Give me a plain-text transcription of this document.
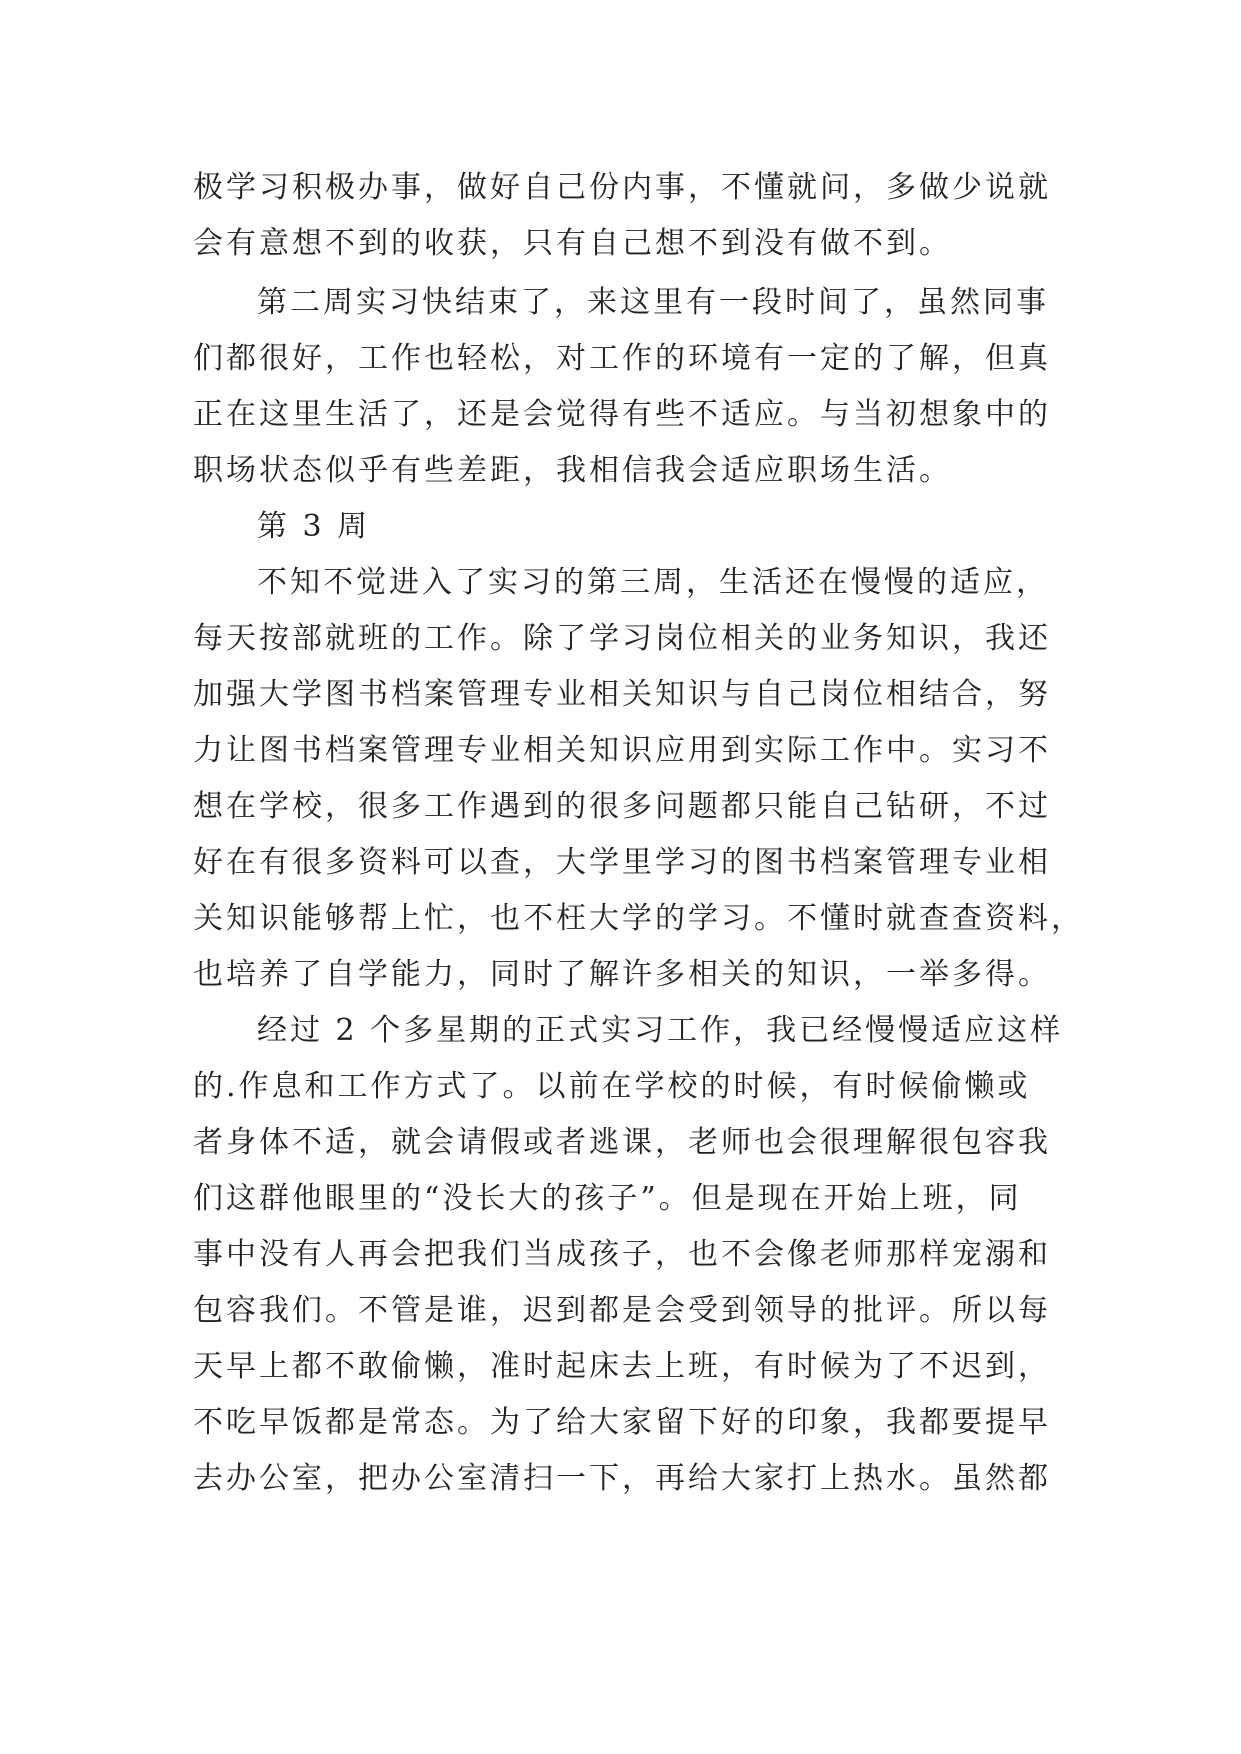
极学习积极办事，做好自己份内事，不懂就问，多做少说就
会有意想不到的收获，只有自己想不到没有做不到。
第二周实习快结束了，来这里有一段时间了，虽然同事
们都很好，工作也轻松，对工作的环境有一定的了解，但真
正在这里生活了，还是会觉得有些不适应。与当初想象中的
职场状态似乎有些差距，我相信我会适应职场生活。
第 3 周
不知不觉进入了实习的第三周，生活还在慢慢的适应，
每天按部就班的工作。除了学习岗位相关的业务知识，我还
加强大学图书档案管理专业相关知识与自己岗位相结合，努
力让图书档案管理专业相关知识应用到实际工作中。实习不
想在学校，很多工作遇到的很多问题都只能自己钻研，不过
好在有很多资料可以查，大学里学习的图书档案管理专业相
关知识能够帮上忙，也不枉大学的学习。不懂时就查查资料，
也培养了自学能力，同时了解许多相关的知识，一举多得。
经过 2 个多星期的正式实习工作，我已经慢慢适应这样
的.作息和工作方式了。以前在学校的时候，有时候偷懒或
者身体不适，就会请假或者逃课，老师也会很理解很包容我
们这群他眼里的“没长大的孩子”。但是现在开始上班，同
事中没有人再会把我们当成孩子，也不会像老师那样宠溺和
包容我们。不管是谁，迟到都是会受到领导的批评。所以每
天早上都不敢偷懒，准时起床去上班，有时候为了不迟到，
不吃早饭都是常态。为了给大家留下好的印象，我都要提早
去办公室，把办公室清扫一下，再给大家打上热水。虽然都
